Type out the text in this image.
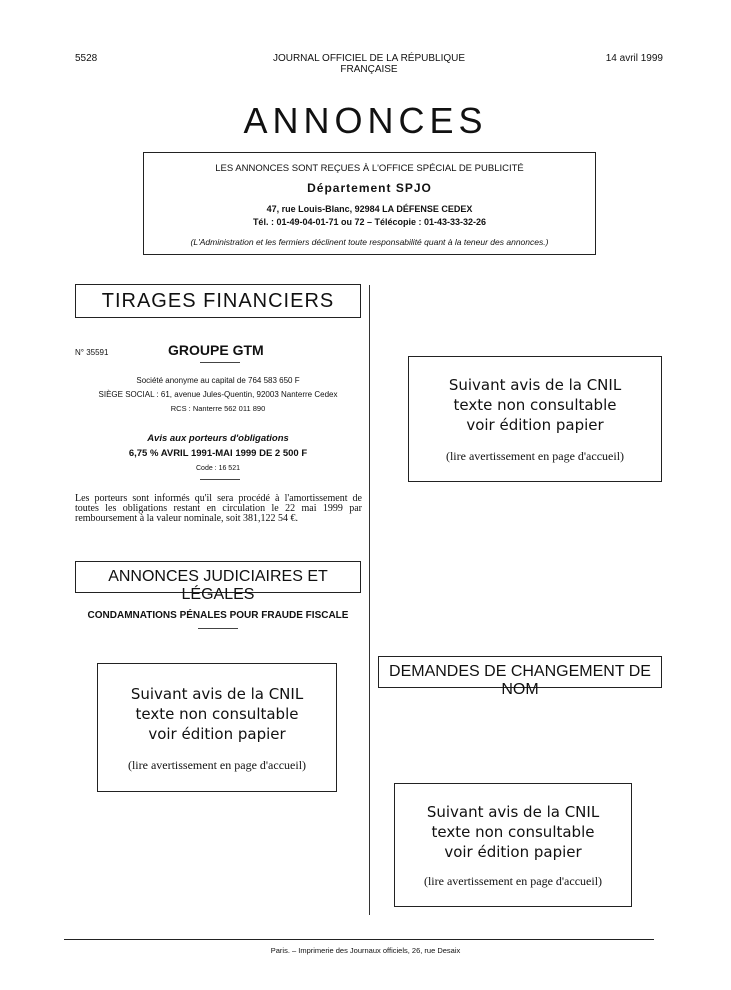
5528	JOURNAL OFFICIEL DE LA RÉPUBLIQUE FRANÇAISE
14 avril 1999
ANNONCES
LES ANNONCES SONT REÇUES À L'OFFICE SPÉCIAL DE PUBLICITÉ
Département SPJO
47, rue Louis-Blanc, 92984 LA DÉFENSE CEDEX
Tél. : 01-49-04-01-71 ou 72 – Télécopie : 01-43-33-32-26
(L'Administration et les fermiers déclinent toute responsabilité quant à la teneur des annonces.)
TIRAGES FINANCIERS
N° 35591	GROUPE GTM
Société anonyme au capital de 764 583 650 F
SIÈGE SOCIAL : 61, avenue Jules-Quentin, 92003 Nanterre Cedex
RCS : Nanterre 562 011 890
Avis aux porteurs d'obligations
6,75 % AVRIL 1991-MAI 1999 DE 2 500 F
Code : 16 521
Les porteurs sont informés qu'il sera procédé à l'amortissement de toutes les obligations restant en circulation le 22 mai 1999 par remboursement à la valeur nominale, soit 381,122 54 €.
ANNONCES JUDICIAIRES ET LÉGALES
CONDAMNATIONS PÉNALES POUR FRAUDE FISCALE
Suivant avis de la CNIL
texte non consultable
voir édition papier
(lire avertissement en page d'accueil)
Suivant avis de la CNIL
texte non consultable
voir édition papier
(lire avertissement en page d'accueil)
DEMANDES DE CHANGEMENT DE NOM
Suivant avis de la CNIL
texte non consultable
voir édition papier
(lire avertissement en page d'accueil)
Paris. – Imprimerie des Journaux officiels, 26, rue Desaix
